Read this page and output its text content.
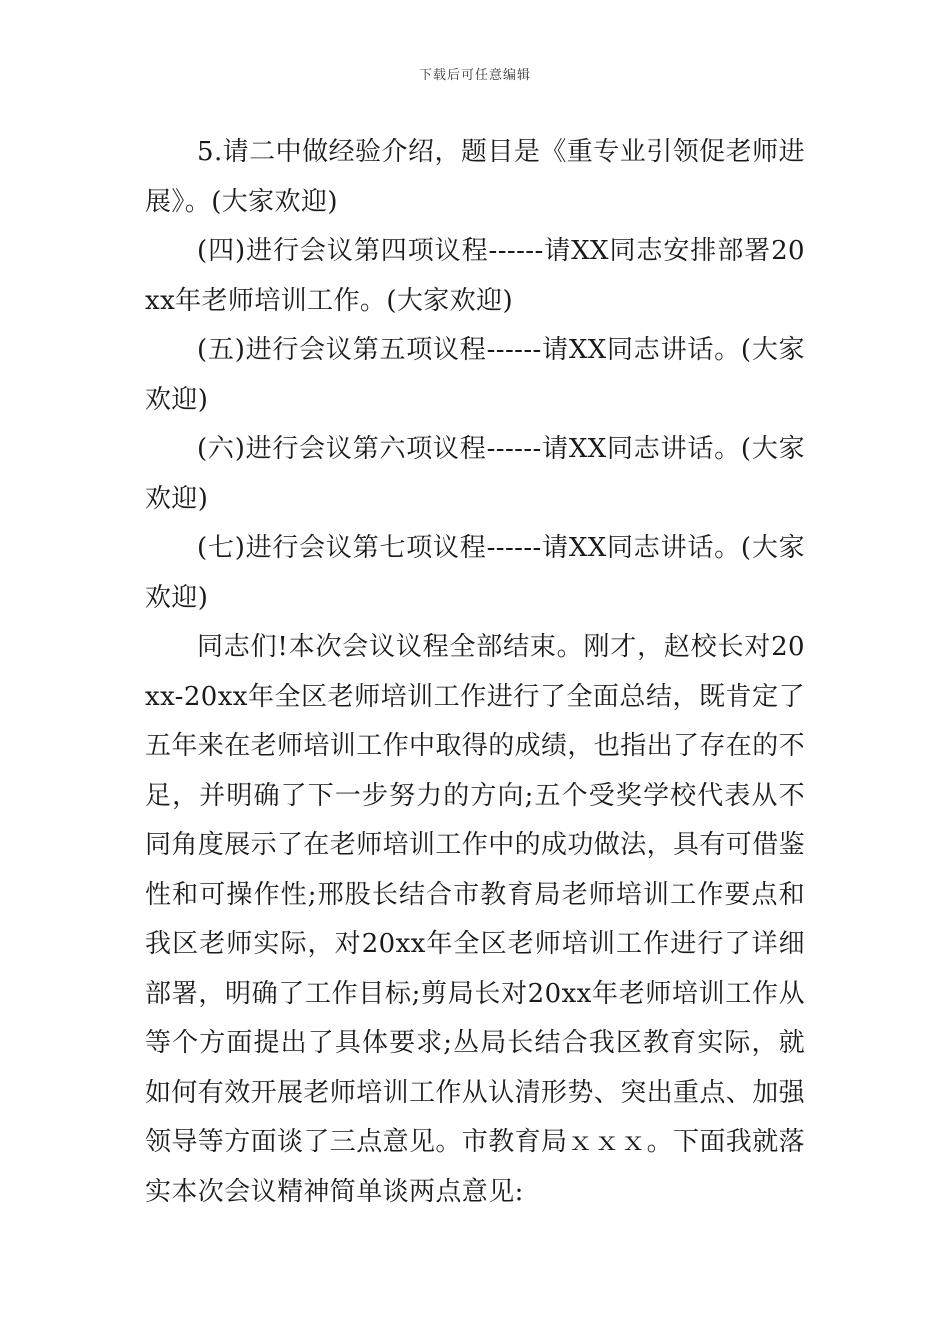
下载后可任意编辑

5.请二中做经验介绍，题目是《重专业引领促老师进展》。(大家欢迎)

(四)进行会议第四项议程------请XX同志安排部署20xx年老师培训工作。(大家欢迎)

(五)进行会议第五项议程------请XX同志讲话。(大家欢迎)

(六)进行会议第六项议程------请XX同志讲话。(大家欢迎)

(七)进行会议第七项议程------请XX同志讲话。(大家欢迎)

同志们!本次会议议程全部结束。刚才，赵校长对20xx-20xx年全区老师培训工作进行了全面总结，既肯定了五年来在老师培训工作中取得的成绩，也指出了存在的不足，并明确了下一步努力的方向;五个受奖学校代表从不同角度展示了在老师培训工作中的成功做法，具有可借鉴性和可操作性;邢股长结合市教育局老师培训工作要点和我区老师实际，对20xx年全区老师培训工作进行了详细部署，明确了工作目标;剪局长对20xx年老师培训工作从等个方面提出了具体要求;丛局长结合我区教育实际，就如何有效开展老师培训工作从认清形势、突出重点、加强领导等方面谈了三点意见。市教育局ｘｘｘ。下面我就落实本次会议精神简单谈两点意见:
